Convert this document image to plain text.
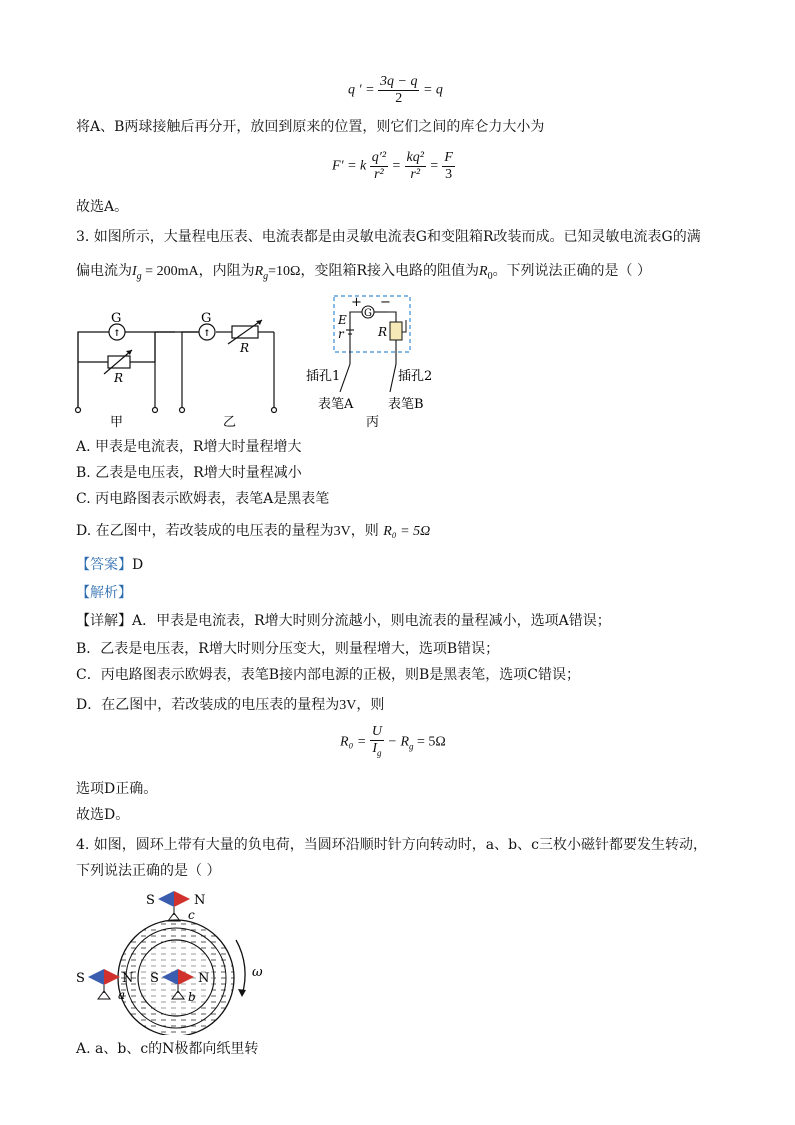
q ′ = $\frac{3q - q}{2} = q$
将A、B两球接触后再分开，放回到原来的位置，则它们之间的库仑力大小为
F′ = k $\frac{\text{q′²}}{\text{r²}} = \frac{\text{kq²}}{\text{r²}} = \frac{F}{3}$
故选A。
3. 如图所示，大量程电压表、电流表都是由灵敏电流表G和变阻箱R改装而成。已知灵敏电流表G的满
偏电流为$I_g = 200mA$，内阻为$R_g=10\Omega$，变阻箱R接入电路的阻值为$R_0$。下列说法正确的是（ ）
G
↑
R
G
↑
R
甲	乙
+ −
G
E
r	R
插孔1	插孔2
表笔A	表笔B
丙
A. 甲表是电流表，R增大时量程增大
B. 乙表是电压表，R增大时量程减小
C. 丙电路图表示欧姆表，表笔A是黑表笔
D. 在乙图中，若改装成的电压表的量程为3V，则 R₀ = 5Ω
【答案】D
【解析】
【详解】A．甲表是电流表，R增大时则分流越小，则电流表的量程减小，选项A错误；
B．乙表是电压表，R增大时则分压变大，则量程增大，选项B错误；
C．丙电路图表示欧姆表，表笔B接内部电源的正极，则B是黑表笔，选项C错误；
D．在乙图中，若改装成的电压表的量程为3V，则
$R_0 = \frac{U}{I_g} - R_g = 5\Omega$
选项D正确。
故选D。
4. 如图，圆环上带有大量的负电荷，当圆环沿顺时针方向转动时，a、b、c三枚小磁针都要发生转动，
下列说法正确的是（ ）
ω
S	N
c
S	N
a
S	N
b
A. a、b、c的N极都向纸里转
